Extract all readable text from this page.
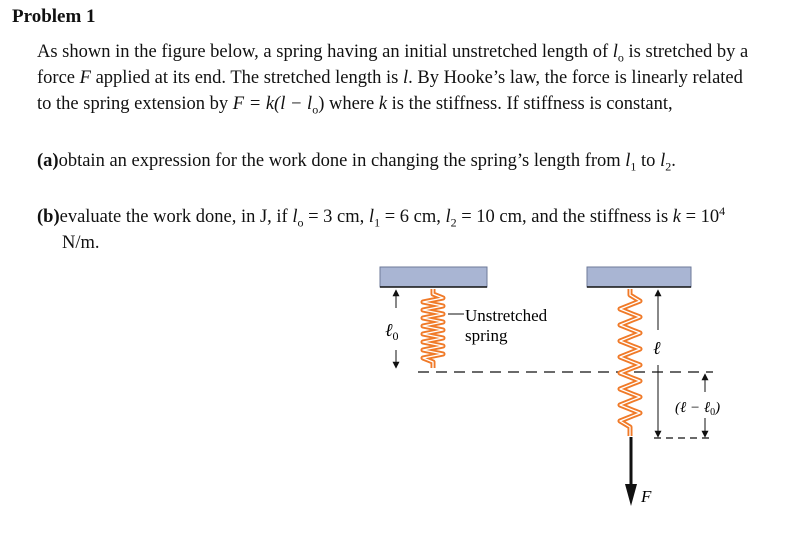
Problem 1
As shown in the figure below, a spring having an initial unstretched length of $l_o$ is stretched by a force F applied at its end. The stretched length is l. By Hooke’s law, the force is linearly related to the spring extension by $F = k(l - l_o)$ where k is the stiffness. If stiffness is constant,
(a)obtain an expression for the work done in changing the spring’s length from $l_1$ to $l_2$.
(b)evaluate the work done, in J, if $l_o = 3$ cm, $l_1 = 6$ cm, $l_2 = 10$ cm, and the stiffness is $k = 10^4$ N/m.
Unstretched
spring
ℓ$_0$
F
ℓ
(ℓ − ℓ$_0$)
